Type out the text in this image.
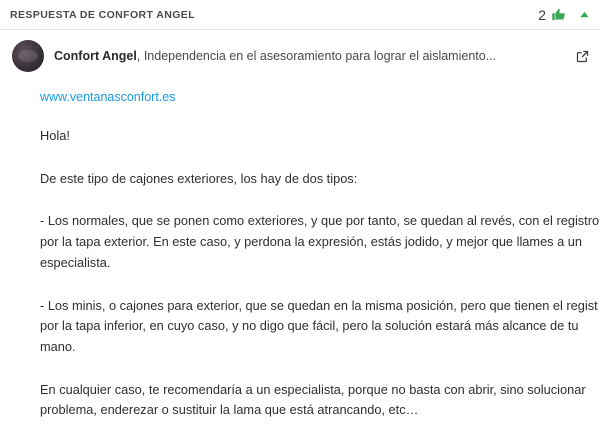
RESPUESTA DE CONFORT ANGEL	2
Confort Angel, Independencia en el asesoramiento para lograr el aislamiento...
www.ventanasconfort.es

Hola!

De este tipo de cajones exteriores, los hay de dos tipos:

- Los normales, que se ponen como exteriores, y que por tanto, se quedan al revés, con el registro

por la tapa exterior. En este caso, y perdona la expresión, estás jodido, y mejor que llames a un

especialista.

- Los minis, o cajones para exterior, que se quedan en la misma posición, pero que tienen el regist

por la tapa inferior, en cuyo caso, y no digo que fácil, pero la solución estará más alcance de tu

mano.

En cualquier caso, te recomendaría a un especialista, porque no basta con abrir, sino solucionar

problema, enderezar o sustituir la lama que está atrancando, etc…
